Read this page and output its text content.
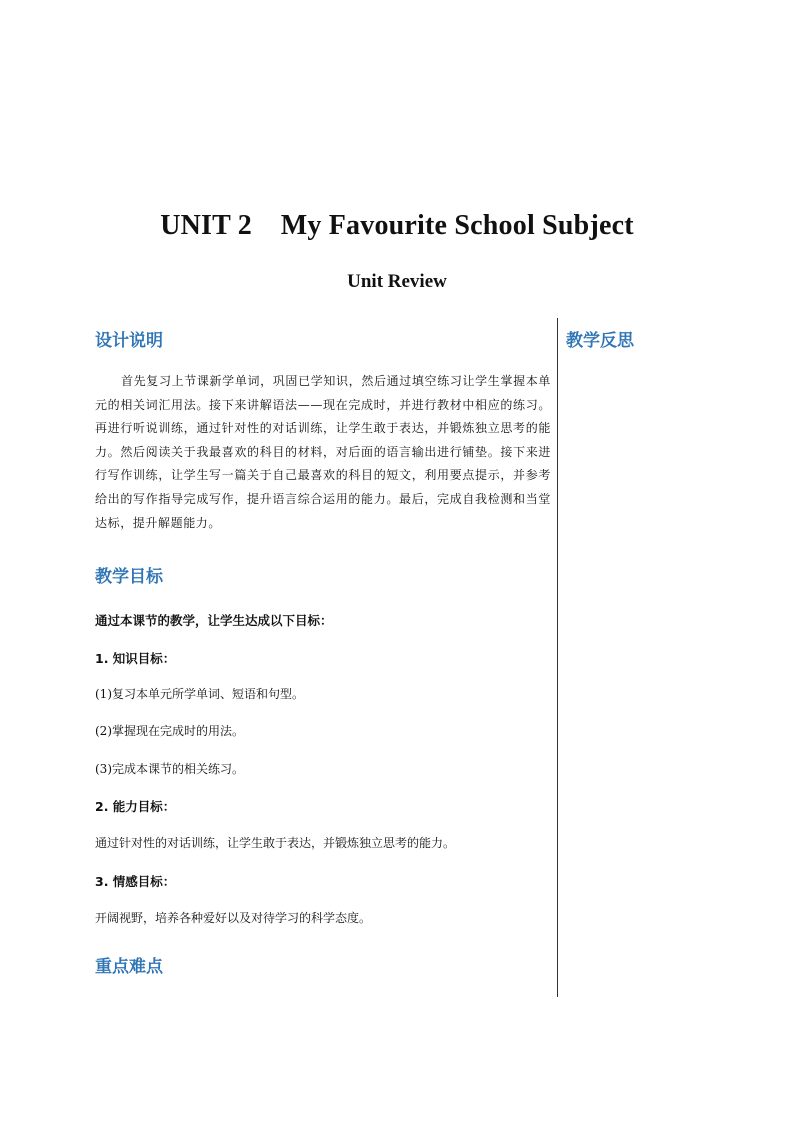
UNIT 2    My Favourite School Subject
Unit Review
设计说明
首先复习上节课新学单词，巩固已学知识，然后通过填空练习让学生掌握本单元的相关词汇用法。接下来讲解语法——现在完成时，并进行教材中相应的练习。再进行听说训练，通过针对性的对话训练，让学生敢于表达，并锻炼独立思考的能力。然后阅读关于我最喜欢的科目的材料，对后面的语言输出进行铺垫。接下来进行写作训练，让学生写一篇关于自己最喜欢的科目的短文，利用要点提示，并参考给出的写作指导完成写作，提升语言综合运用的能力。最后，完成自我检测和当堂达标，提升解题能力。
教学目标
通过本课节的教学，让学生达成以下目标：
1. 知识目标：
(1)复习本单元所学单词、短语和句型。
(2)掌握现在完成时的用法。
(3)完成本课节的相关练习。
2. 能力目标：
通过针对性的对话训练，让学生敢于表达，并锻炼独立思考的能力。
3. 情感目标：
开阔视野，培养各种爱好以及对待学习的科学态度。
重点难点
教学反思
